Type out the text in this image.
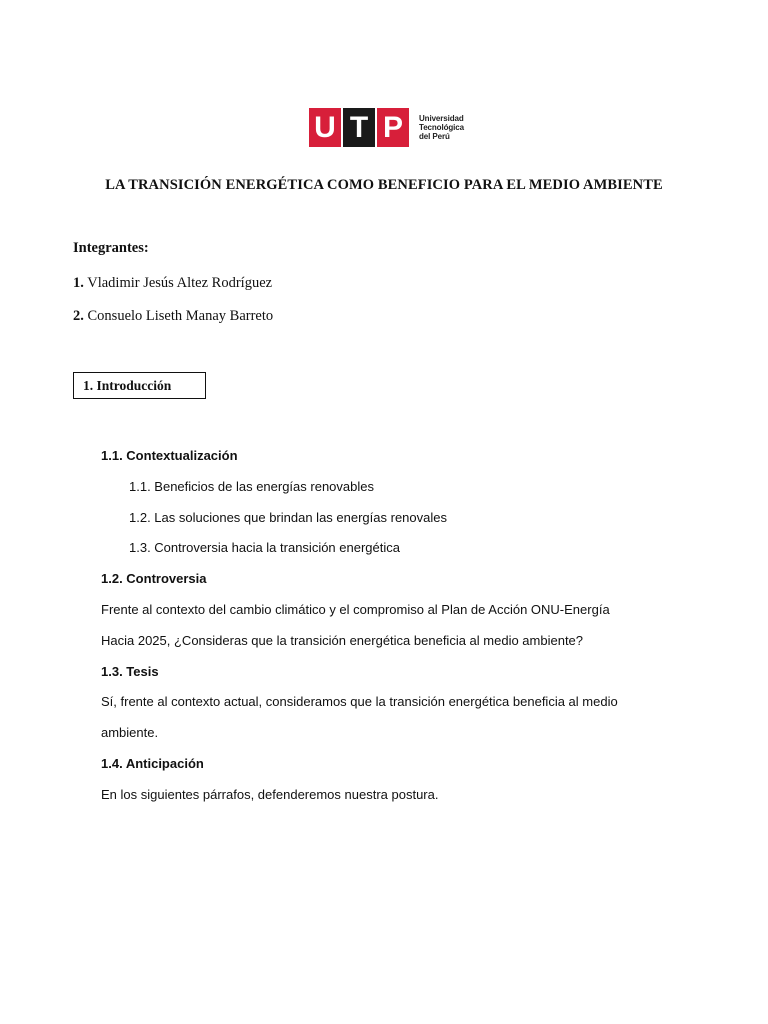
U T P	Universidad
Tecnológica
del Perú
LA TRANSICIÓN ENERGÉTICA COMO BENEFICIO PARA EL MEDIO AMBIENTE
Integrantes:
1. Vladimir Jesús Altez Rodríguez
2. Consuelo Liseth Manay Barreto
1. Introducción
1.1. Contextualización
1.1. Beneficios de las energías renovables
1.2. Las soluciones que brindan las energías renovales
1.3. Controversia hacia la transición energética
1.2. Controversia
Frente al contexto del cambio climático y el compromiso al Plan de Acción ONU-Energía
Hacia 2025, ¿Consideras que la transición energética beneficia al medio ambiente?
1.3. Tesis
Sí, frente al contexto actual, consideramos que la transición energética beneficia al medio
ambiente.
1.4. Anticipación
En los siguientes párrafos, defenderemos nuestra postura.
